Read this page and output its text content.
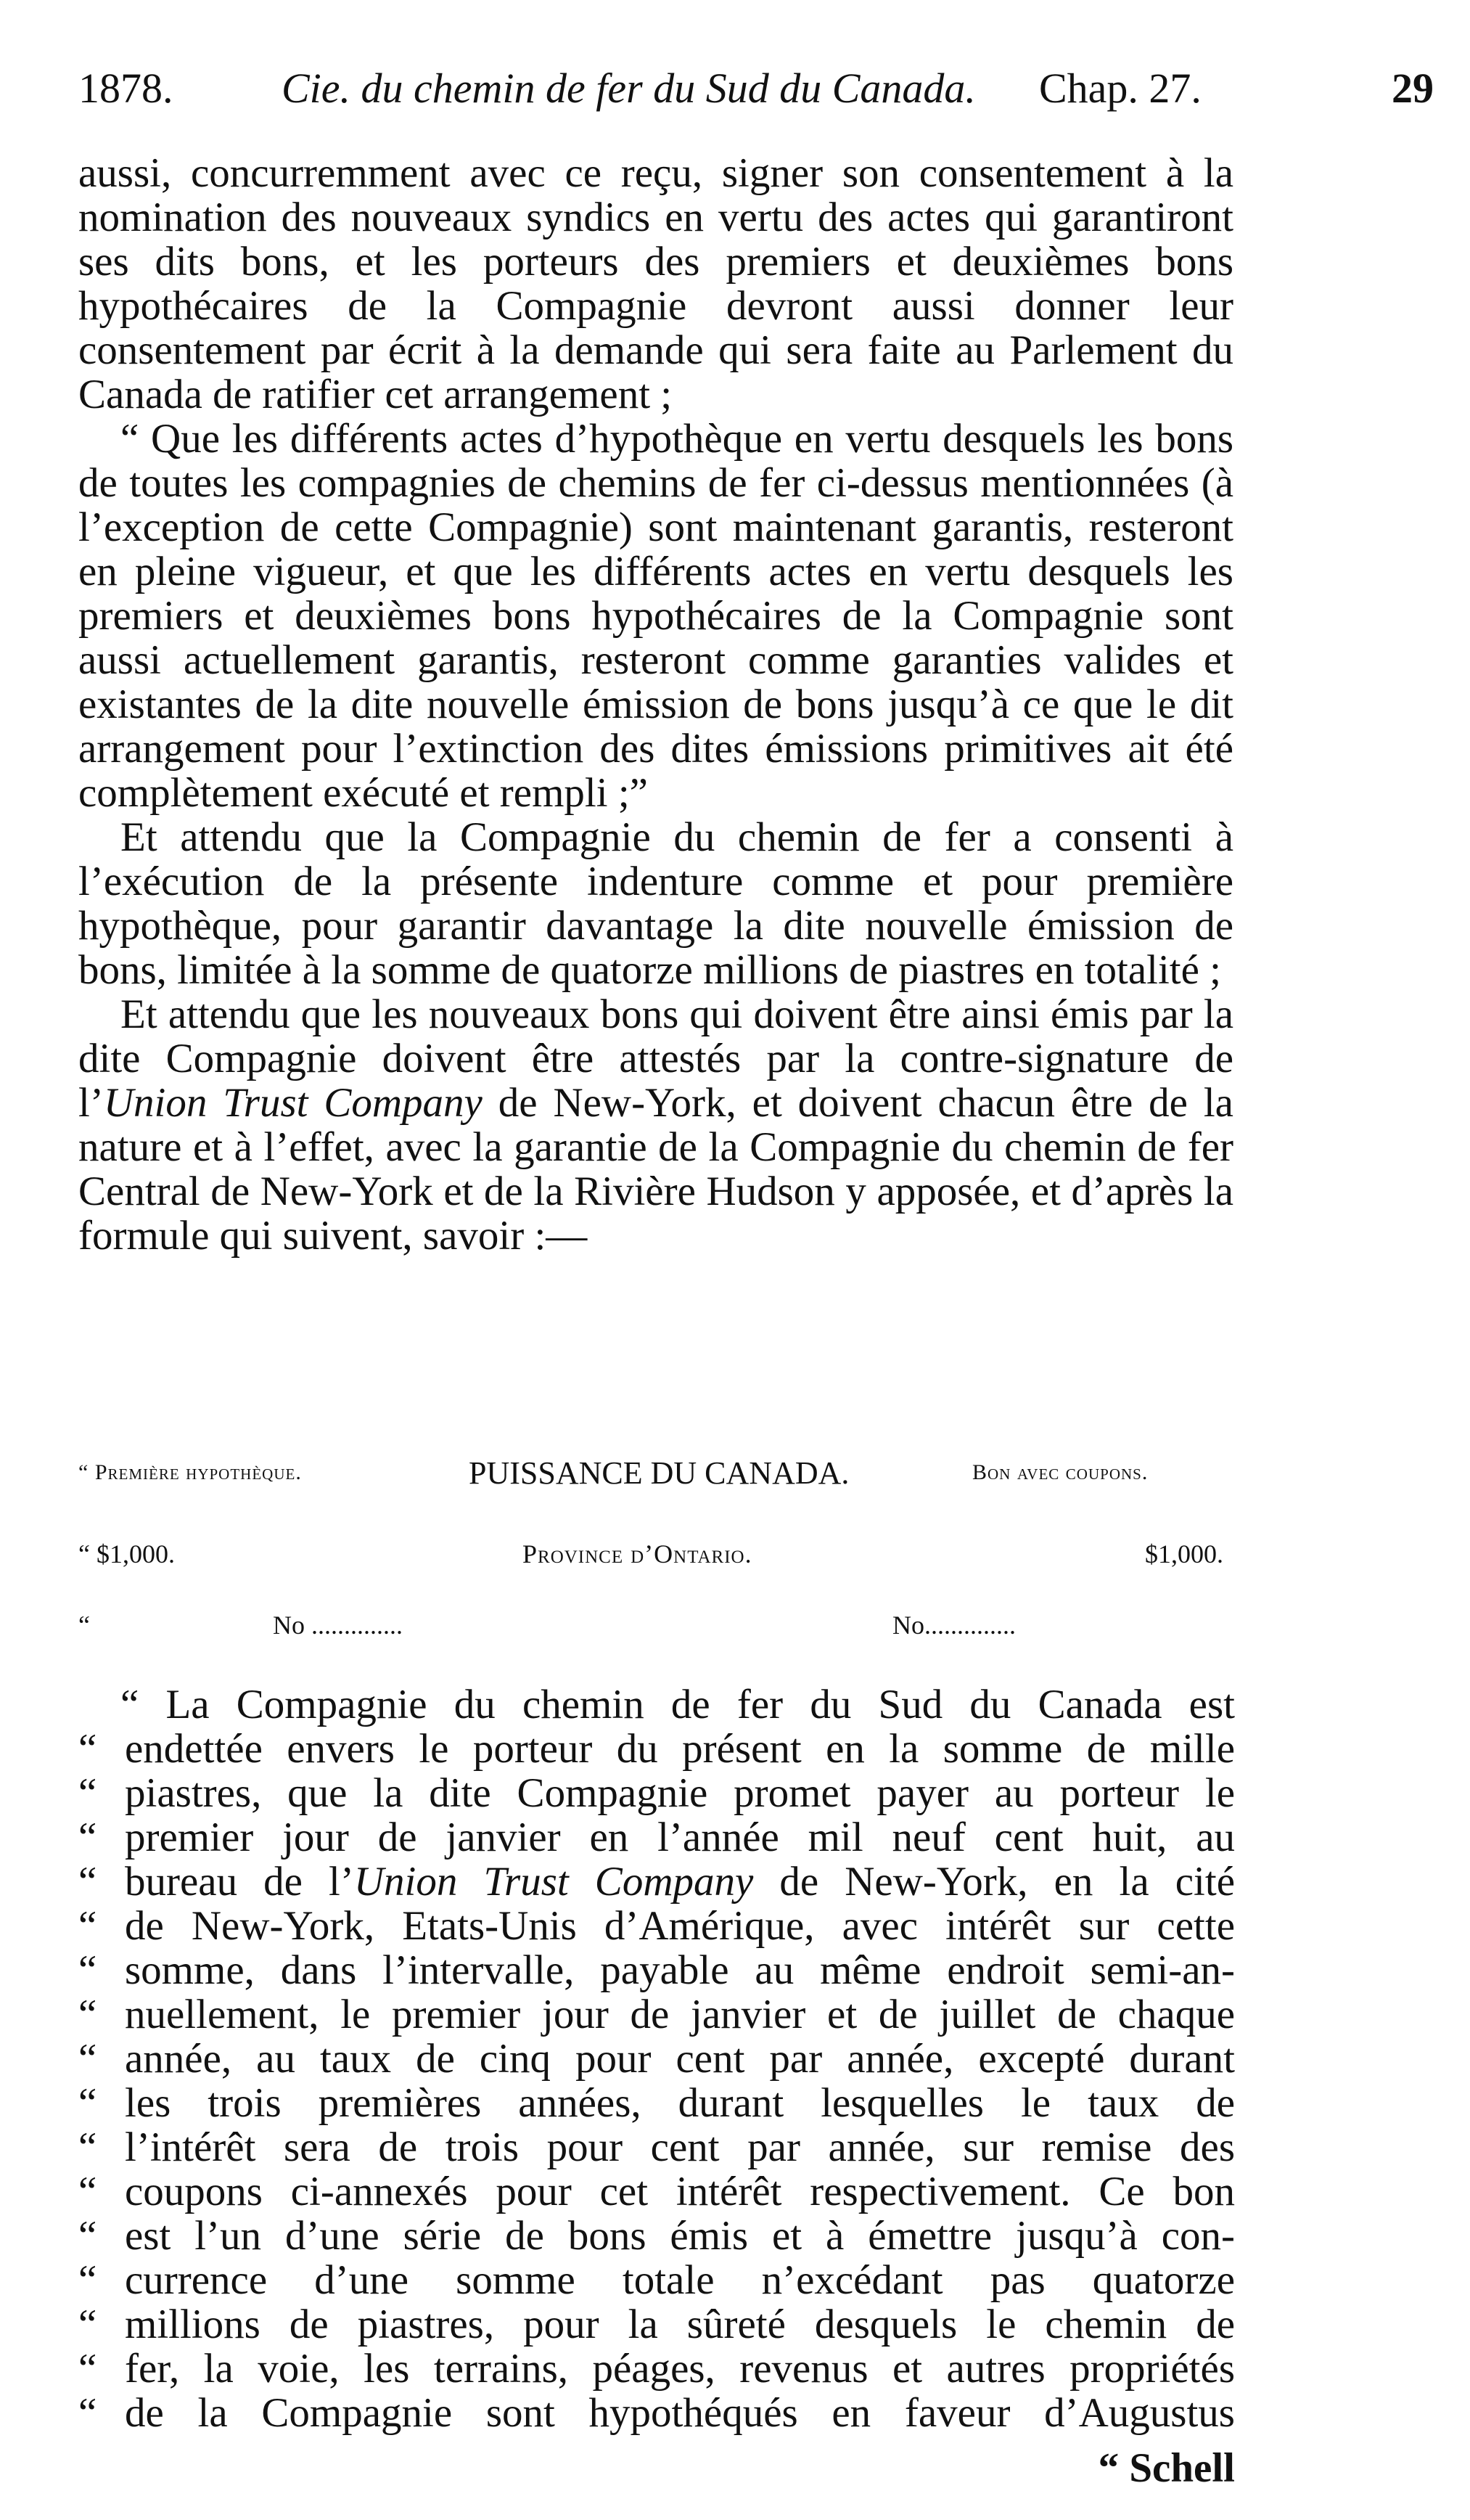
1878.	Cie. du chemin de fer du Sud du Canada. Chap. 27.	29

aussi, concurremment avec ce reçu, signer son consentement à la nomination des nouveaux syndics en vertu des actes qui garantiront ses dits bons, et les porteurs des premiers et deuxièmes bons hypothécaires de la Compagnie devront aussi donner leur consentement par écrit à la demande qui sera faite au Parlement du Canada de ratifier cet arrangement ;

“ Que les différents actes d’hypothèque en vertu desquels les bons de toutes les compagnies de chemins de fer ci-dessus mentionnées (à l’exception de cette Compagnie) sont maintenant garantis, resteront en pleine vigueur, et que les différents actes en vertu desquels les premiers et deuxièmes bons hypothécaires de la Compagnie sont aussi actuellement garantis, resteront comme garanties valides et existantes de la dite nouvelle émission de bons jusqu’à ce que le dit arrangement pour l’extinction des dites émissions primitives ait été complètement exécuté et rempli ;”

Et attendu que la Compagnie du chemin de fer a consenti à l’exécution de la présente indenture comme et pour première hypothèque, pour garantir davantage la dite nouvelle émission de bons, limitée à la somme de quatorze millions de piastres en totalité ;

Et attendu que les nouveaux bons qui doivent être ainsi émis par la dite Compagnie doivent être attestés par la contre-signature de l’Union Trust Company de New-York, et doivent chacun être de la nature et à l’effet, avec la garantie de la Compagnie du chemin de fer Central de New-York et de la Rivière Hudson y apposée, et d’après la formule qui suivent, savoir :—

“ Première hypothèque.	PUISSANCE DU CANADA.	Bon avec coupons.
“ $1,000.	Province d’Ontario.	$1,000.
“	No ..............	No..............
“ La Compagnie du chemin de fer du Sud du Canada est
“ endettée envers le porteur du présent en la somme de mille
“ piastres, que la dite Compagnie promet payer au porteur le
“ premier jour de janvier en l’année mil neuf cent huit, au
“ bureau de l’Union Trust Company de New-York, en la cité
“ de New-York, Etats-Unis d’Amérique, avec intérêt sur cette
“ somme, dans l’intervalle, payable au même endroit semi-an-
“ nuellement, le premier jour de janvier et de juillet de chaque
“ année, au taux de cinq pour cent par année, excepté durant
“ les trois premières années, durant lesquelles le taux de
“ l’intérêt sera de trois pour cent par année, sur remise des
“ coupons ci-annexés pour cet intérêt respectivement. Ce bon
“ est l’un d’une série de bons émis et à émettre jusqu’à con-
“ currence d’une somme totale n’excédant pas quatorze
“ millions de piastres, pour la sûreté desquels le chemin de
“ fer, la voie, les terrains, péages, revenus et autres propriétés
“ de la Compagnie sont hypothéqués en faveur d’Augustus
“ Schell
